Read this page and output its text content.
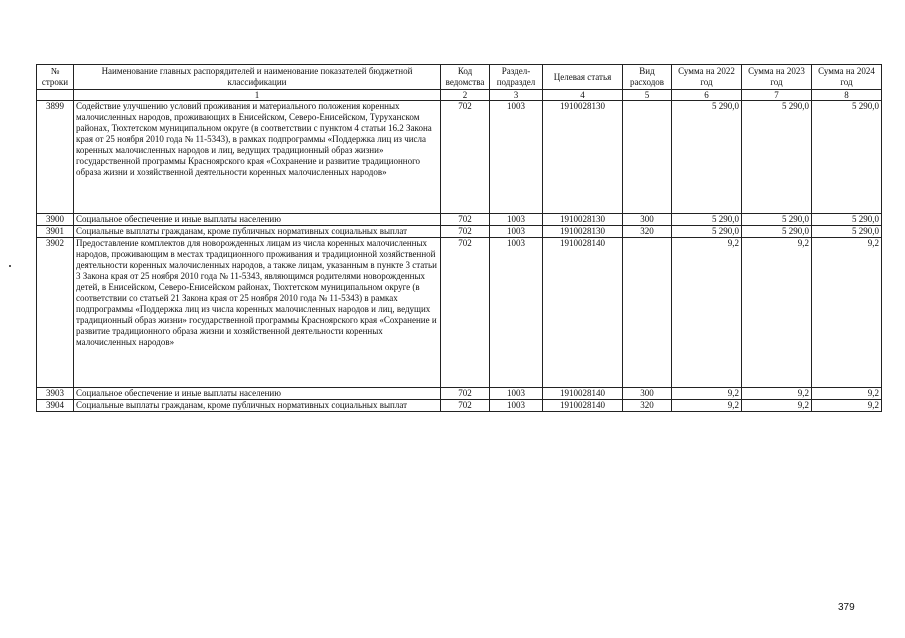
№ строки	Наименование главных распорядителей и наименование показателей бюджетной классификации	Код ведомства	Раздел-подраздел	Целевая статья	Вид расходов	Сумма на 2022 год	Сумма на 2023 год	Сумма на 2024 год
	1	2	3	4	5	6	7	8
3899	Содействие улучшению условий проживания и материального положения коренных малочисленных народов, проживающих в Енисейском, Северо-Енисейском, Туруханском районах, Тюхтетском муниципальном округе (в соответствии с пунктом 4 статьи 16.2 Закона края от 25 ноября 2010 года № 11-5343), в рамках подпрограммы «Поддержка лиц из числа коренных малочисленных народов и лиц, ведущих традиционный образ жизни» государственной программы Красноярского края «Сохранение и развитие традиционного образа жизни и хозяйственной деятельности коренных малочисленных народов»	702	1003	1910028130		5 290,0	5 290,0	5 290,0
3900	Социальное обеспечение и иные выплаты населению	702	1003	1910028130	300	5 290,0	5 290,0	5 290,0
3901	Социальные выплаты гражданам, кроме публичных нормативных социальных выплат	702	1003	1910028130	320	5 290,0	5 290,0	5 290,0
3902	Предоставление комплектов для новорожденных лицам из числа коренных малочисленных народов, проживающим в местах традиционного проживания и традиционной хозяйственной деятельности коренных малочисленных народов, а также лицам, указанным в пункте 3 статьи 3 Закона края от 25 ноября 2010 года № 11-5343, являющимся родителями новорожденных детей, в Енисейском, Северо-Енисейском районах, Тюхтетском муниципальном округе (в соответствии со статьей 21 Закона края от 25 ноября 2010 года № 11-5343) в рамках подпрограммы «Поддержка лиц из числа коренных малочисленных народов и лиц, ведущих традиционный образ жизни» государственной программы Красноярского края «Сохранение и развитие традиционного образа жизни и хозяйственной деятельности коренных малочисленных народов»	702	1003	1910028140		9,2	9,2	9,2
3903	Социальное обеспечение и иные выплаты населению	702	1003	1910028140	300	9,2	9,2	9,2
3904	Социальные выплаты гражданам, кроме публичных нормативных социальных выплат	702	1003	1910028140	320	9,2	9,2	9,2
379
